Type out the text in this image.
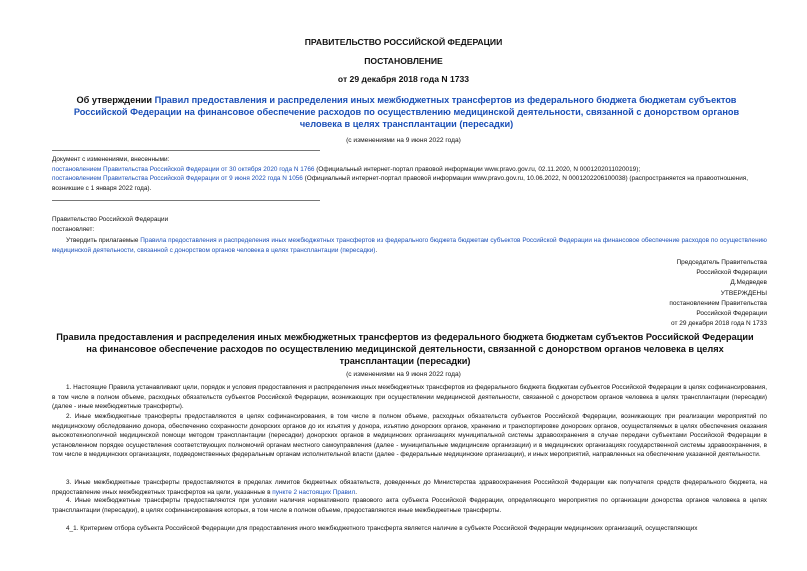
ПРАВИТЕЛЬСТВО РОССИЙСКОЙ ФЕДЕРАЦИИ
ПОСТАНОВЛЕНИЕ
от 29 декабря 2018 года N 1733
Об утверждении Правил предоставления и распределения иных межбюджетных трансфертов из федерального бюджета бюджетам субъектов Российской Федерации на финансовое обеспечение расходов по осуществлению медицинской деятельности, связанной с донорством органов человека в целях трансплантации (пересадки)
(с изменениями на 9 июня 2022 года)
Документ с изменениями, внесенными:
постановлением Правительства Российской Федерации от 30 октября 2020 года N 1766 (Официальный интернет-портал правовой информации www.pravo.gov.ru, 02.11.2020, N 0001202011020019);
постановлением Правительства Российской Федерации от 9 июня 2022 года N 1056 (Официальный интернет-портал правовой информации www.pravo.gov.ru, 10.06.2022, N 0001202206100038) (распространяется на правоотношения, возникшие с 1 января 2022 года).
Правительство Российской Федерации
постановляет:
Утвердить прилагаемые Правила предоставления и распределения иных межбюджетных трансфертов из федерального бюджета бюджетам субъектов Российской Федерации на финансовое обеспечение расходов по осуществлению медицинской деятельности, связанной с донорством органов человека в целях трансплантации (пересадки).
Председатель Правительства
Российской Федерации
Д.Медведев
УТВЕРЖДЕНЫ
постановлением Правительства
Российской Федерации
от 29 декабря 2018 года N 1733
Правила предоставления и распределения иных межбюджетных трансфертов из федерального бюджета бюджетам субъектов Российской Федерации на финансовое обеспечение расходов по осуществлению медицинской деятельности, связанной с донорством органов человека в целях трансплантации (пересадки)
(с изменениями на 9 июня 2022 года)
1. Настоящие Правила устанавливают цели, порядок и условия предоставления и распределения иных межбюджетных трансфертов из федерального бюджета бюджетам субъектов Российской Федерации в целях софинансирования, в том числе в полном объеме, расходных обязательств субъектов Российской Федерации, возникающих при осуществлении медицинской деятельности, связанной с донорством органов человека в целях трансплантации (пересадки) (далее - иные межбюджетные трансферты).
2. Иные межбюджетные трансферты предоставляются в целях софинансирования, в том числе в полном объеме, расходных обязательств субъектов Российской Федерации, возникающих при реализации мероприятий по медицинскому обследованию донора, обеспечению сохранности донорских органов до их изъятия у донора, изъятию донорских органов, хранению и транспортировке донорских органов, осуществляемых в целях обеспечения оказания высокотехнологичной медицинской помощи методом трансплантации (пересадки) донорских органов в медицинских организациях муниципальной системы здравоохранения в случае передачи субъектами Российской Федерации в установленном порядке осуществления соответствующих полномочий органам местного самоуправления (далее - муниципальные медицинские организации) и в медицинских организациях государственной системы здравоохранения, в том числе в медицинских организациях, подведомственных федеральным органам исполнительной власти (далее - федеральные медицинские организации), и иных мероприятий, направленных на обеспечение указанной деятельности.
3. Иные межбюджетные трансферты предоставляются в пределах лимитов бюджетных обязательств, доведенных до Министерства здравоохранения Российской Федерации как получателя средств федерального бюджета, на предоставление иных межбюджетных трансфертов на цели, указанные в пункте 2 настоящих Правил.
4. Иные межбюджетные трансферты предоставляются при условии наличия нормативного правового акта субъекта Российской Федерации, определяющего мероприятия по организации донорства органов человека в целях трансплантации (пересадки), в целях софинансирования которых, в том числе в полном объеме, предоставляются иные межбюджетные трансферты.
4_1. Критерием отбора субъекта Российской Федерации для предоставления иного межбюджетного трансферта является наличие в субъекте Российской Федерации медицинских организаций, осуществляющих
